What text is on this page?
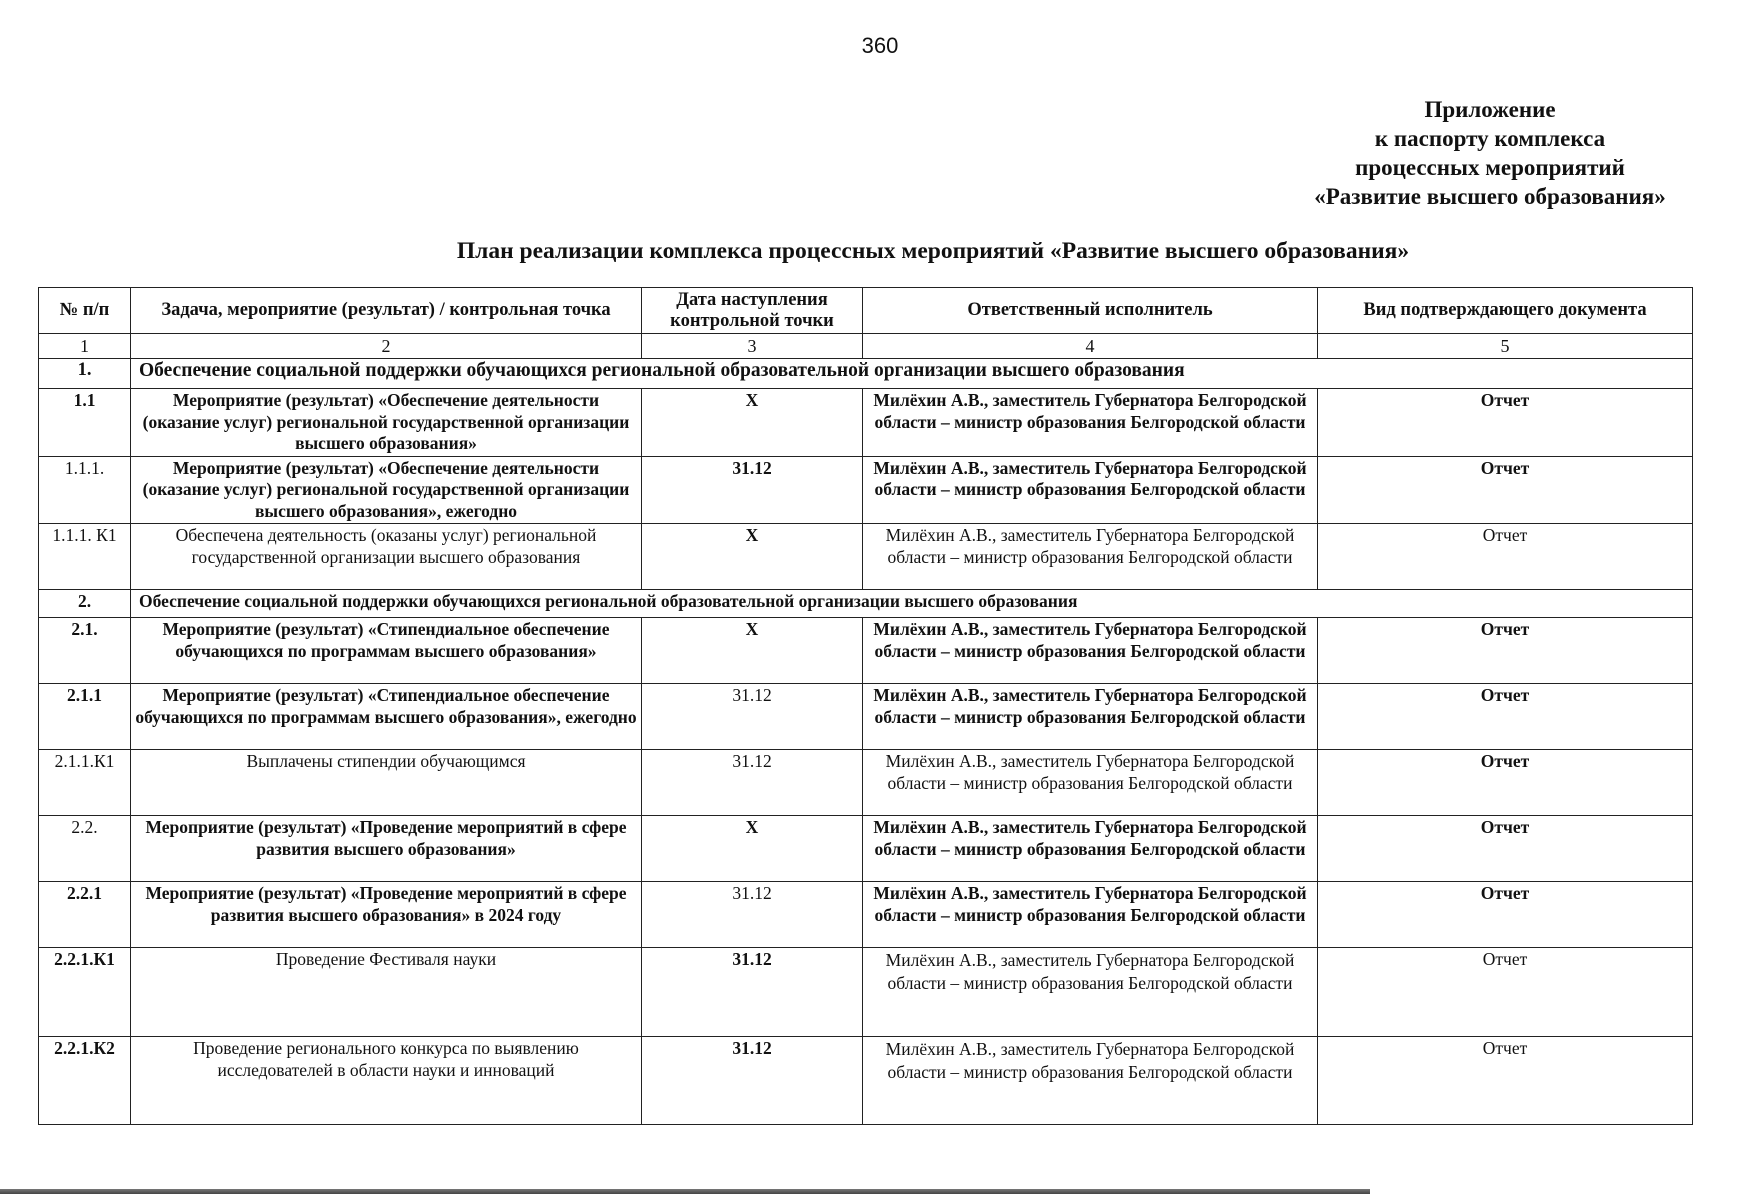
360
Приложение
к паспорту комплекса
процессных мероприятий
«Развитие высшего образования»
План реализации комплекса процессных мероприятий «Развитие высшего образования»
№ п/п	Задача, мероприятие (результат) / контрольная точка	Дата наступления контрольной точки	Ответственный исполнитель	Вид подтверждающего документа
1	2	3	4	5
1.	Обеспечение социальной поддержки обучающихся региональной образовательной организации высшего образования			
1.1	Мероприятие (результат) «Обеспечение деятельности (оказание услуг) региональной государственной организации высшего образования»	Х	Милёхин А.В., заместитель Губернатора Белгородской области – министр образования Белгородской области	Отчет
1.1.1.	Мероприятие (результат) «Обеспечение деятельности (оказание услуг) региональной государственной организации высшего образования», ежегодно	31.12	Милёхин А.В., заместитель Губернатора Белгородской области – министр образования Белгородской области	Отчет
1.1.1. К1	Обеспечена деятельность (оказаны услуг) региональной государственной организации высшего образования	Х	Милёхин А.В., заместитель Губернатора Белгородской области – министр образования Белгородской области	Отчет
2.	Обеспечение социальной поддержки обучающихся региональной образовательной организации высшего образования			
2.1.	Мероприятие (результат) «Стипендиальное обеспечение обучающихся по программам высшего образования»	Х	Милёхин А.В., заместитель Губернатора Белгородской области – министр образования Белгородской области	Отчет
2.1.1	Мероприятие (результат) «Стипендиальное обеспечение обучающихся по программам высшего образования», ежегодно	31.12	Милёхин А.В., заместитель Губернатора Белгородской области – министр образования Белгородской области	Отчет
2.1.1.К1	Выплачены стипендии обучающимся	31.12	Милёхин А.В., заместитель Губернатора Белгородской области – министр образования Белгородской области	Отчет
2.2.	Мероприятие (результат) «Проведение мероприятий в сфере развития высшего образования»	Х	Милёхин А.В., заместитель Губернатора Белгородской области – министр образования Белгородской области	Отчет
2.2.1	Мероприятие (результат) «Проведение мероприятий в сфере развития высшего образования» в 2024 году	31.12	Милёхин А.В., заместитель Губернатора Белгородской области – министр образования Белгородской области	Отчет
2.2.1.К1	Проведение Фестиваля науки	31.12	Милёхин А.В., заместитель Губернатора Белгородской области – министр образования Белгородской области	Отчет
2.2.1.К2	Проведение регионального конкурса по выявлению исследователей в области науки и инноваций	31.12	Милёхин А.В., заместитель Губернатора Белгородской области – министр образования Белгородской области	Отчет
